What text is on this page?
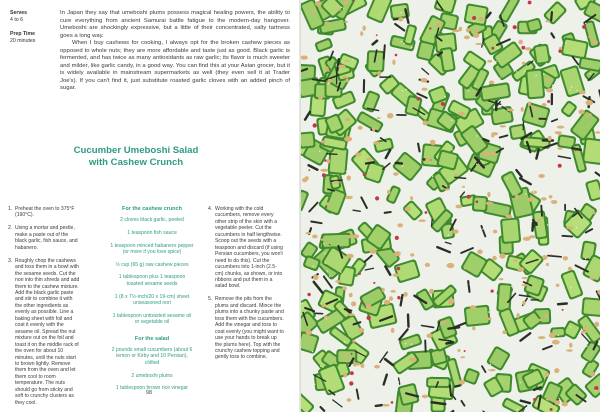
Serves
4 to 6
Prep Time
20 minutes

In Japan they say that umeboshi plums possess magical healing powers, the ability to cure everything from ancient Samurai battle fatigue to the modern-day hangover. Umeboshi are shockingly expressive, but a little of their concentrated, salty tartness goes a long way.

When I buy cashews for cooking, I always opt for the broken cashew pieces as opposed to whole nuts; they are more affordable and taste just as good. Black garlic is fermented, and has twice as many antioxidants as raw garlic; its flavor is much sweeter and milder, like garlic candy, in a good way. You can find this at your Asian grocer, but it is widely available in mainstream supermarkets as well (they even sell it at Trader Joe's). If you can't find it, just substitute roasted garlic cloves with an added pinch of sugar.

Cucumber Umeboshi Salad
with Cashew Crunch
1. Preheat the oven to 375°F (190°C).
2. Using a mortar and pestle, make a paste out of the black garlic, fish sauce, and habanero.
3. Roughly chop the cashews and toss them in a bowl with the sesame seeds. Cut the nori into thin shreds and add them to the cashew mixture. Add the black garlic paste and stir to combine it with the other ingredients as evenly as possible. Line a baking sheet with foil and coat it evenly with the sesame oil. Spread the nut mixture out on the foil and toast it on the middle rack of the oven for about 10 minutes, until the nuts start to brown lightly. Remove them from the oven and let them cool to room temperature. The nuts should go from sticky and soft to crunchy clusters as they cool.
For the cashew crunch
2 cloves black garlic, peeled
1 teaspoon fish sauce
1 teaspoon minced habanero pepper (or more if you love spice)
½ cup (65 g) raw cashew pieces
1 tablespoon plus 1 teaspoon toasted sesame seeds
1 (8 x 7½-inch/20 x 19-cm) sheet unseasoned nori
1 tablespoon untoasted sesame oil or vegetable oil
For the salad
2 pounds small cucumbers (about 6 lemon or Kirby and 10 Persian), chilled
2 umeboshi plums
1 tablespoon brown rice vinegar
4. Working with the cold cucumbers, remove every other strip of the skin with a vegetable peeler. Cut the cucumbers in half lengthwise. Scoop out the seeds with a teaspoon and discard (if using Persian cucumbers, you won't need to do this). Cut the cucumbers into 1-inch (2.5-cm) chunks, as shown, or into ribbons and put them in a salad bowl.
5. Remove the pits from the plums and discard. Mince the plums into a chunky paste and toss them with the cucumbers. Add the vinegar and toss to coat evenly (you might want to use your hands to break up the plums here). Top with the crunchy cashew topping and gently toss to combine.
98
